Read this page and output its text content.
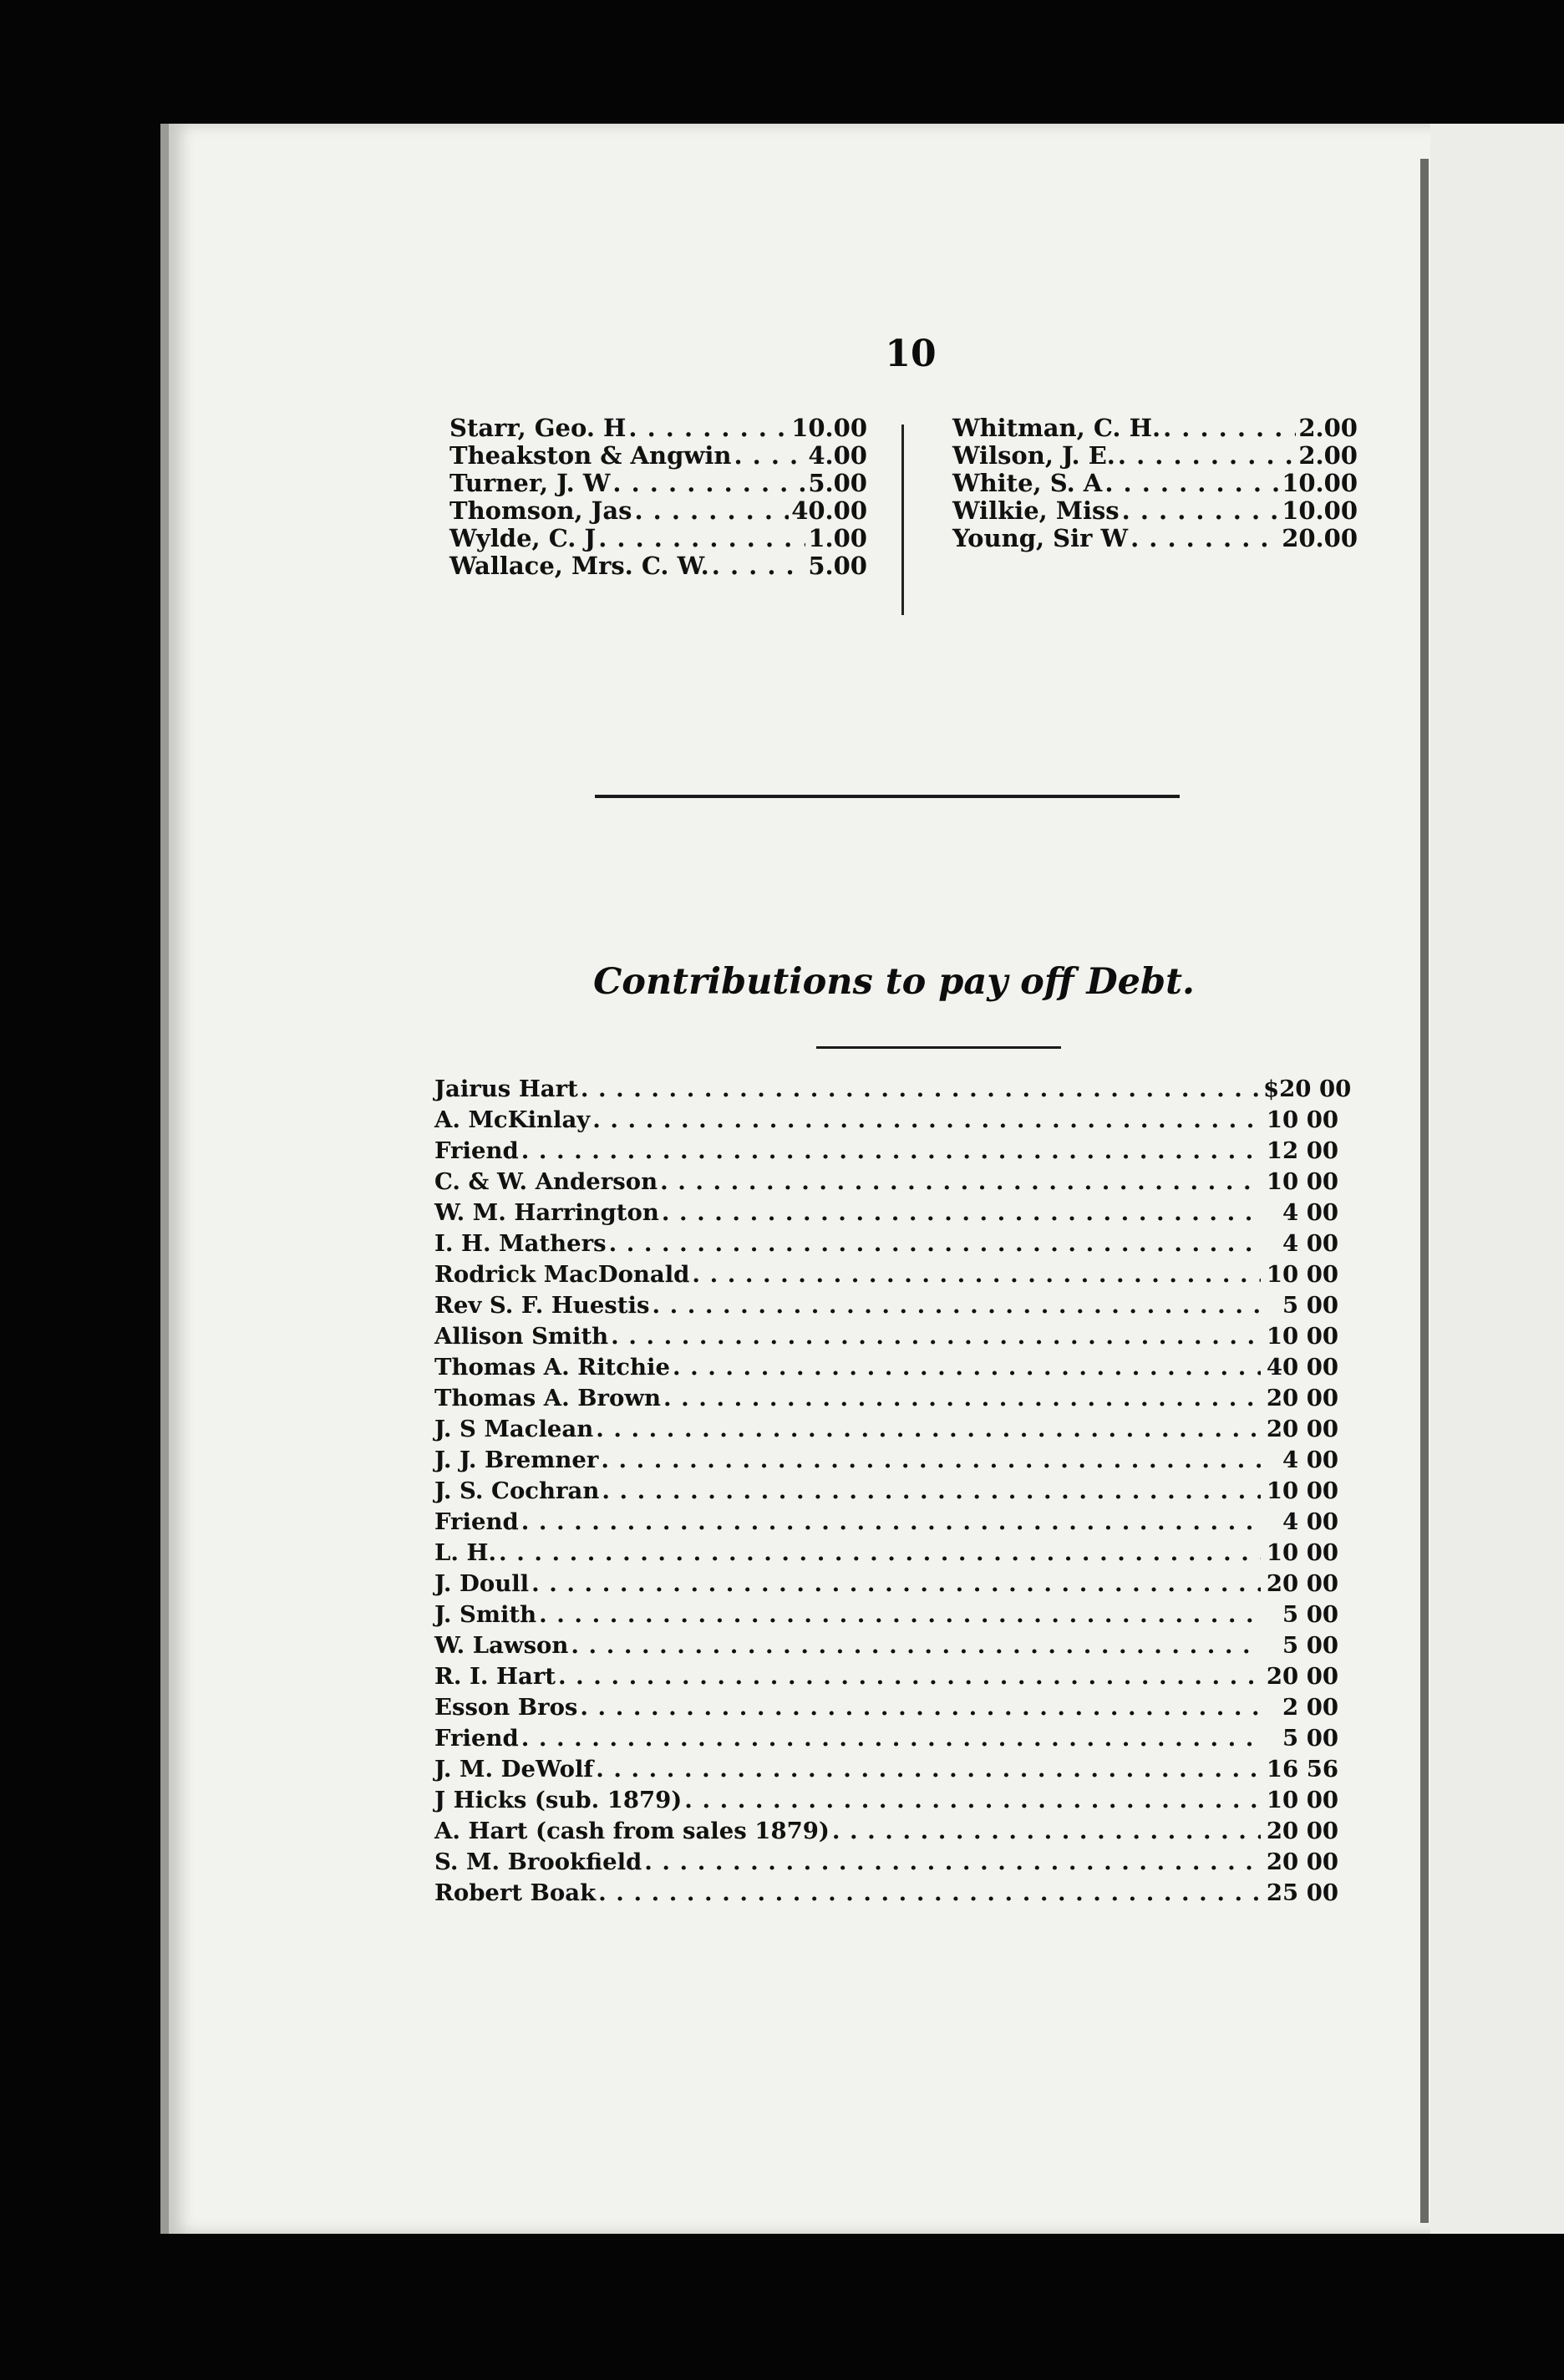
10
Starr, Geo. H . . .	10.00
Theakston & Angwin . . .	4.00
Turner, J. W . . .	5.00
Thomson, Jas . . .	40.00
Wylde, C. J . . .	1.00
Wallace, Mrs. C. W. . . .	5.00
Whitman, C. H. . . .	2.00
Wilson, J. E. . . .	2.00
White, S. A . . .	10.00
Wilkie, Miss . . .	10.00
Young, Sir W . . .	20.00
Contributions to pay off Debt.
Jairus Hart . . .	$20 00
A. McKinlay . . .	10 00
Friend . . .	12 00
C. & W. Anderson . . .	10 00
W. M. Harrington . . .	4 00
I. H. Mathers . . .	4 00
Rodrick MacDonald . . .	10 00
Rev S. F. Huestis . . .	5 00
Allison Smith . . .	10 00
Thomas A. Ritchie . . .	40 00
Thomas A. Brown . . .	20 00
J. S Maclean . . .	20 00
J. J. Bremner . . .	4 00
J. S. Cochran . . .	10 00
Friend . . .	4 00
L. H. . . .	10 00
J. Doull . . .	20 00
J. Smith . . .	5 00
W. Lawson . . .	5 00
R. I. Hart . . .	20 00
Esson Bros . . .	2 00
Friend . . .	5 00
J. M. DeWolf . . .	16 56
J Hicks (sub. 1879) . . .	10 00
A. Hart (cash from sales 1879) . . .	20 00
S. M. Brookfield . . .	20 00
Robert Boak . . .	25 00
